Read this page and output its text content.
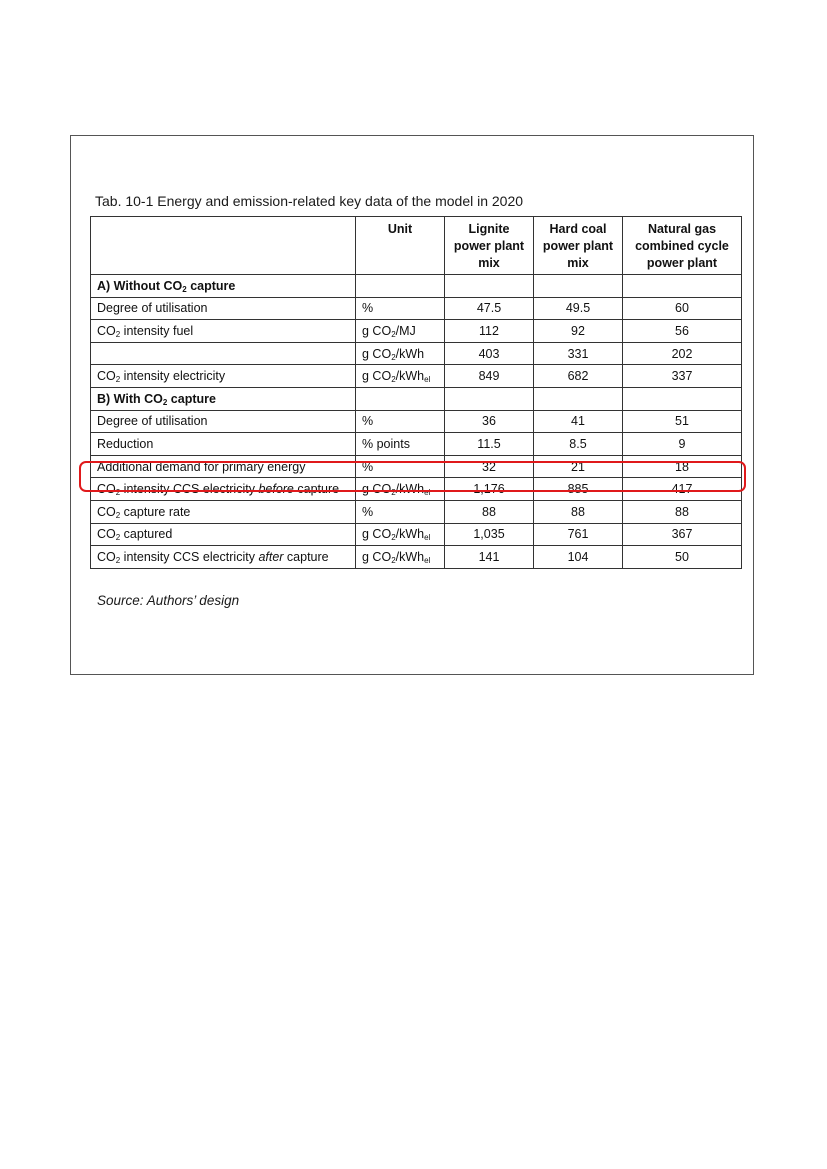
Tab. 10-1 Energy and emission-related key data of the model in 2020
	Unit	Lignite
power plant
mix	Hard coal
power plant
mix	Natural gas
combined cycle
power plant
A) Without $CO_2$ capture				
Degree of utilisation	%	47.5	49.5	60
$CO_2$ intensity fuel	g $CO_2/MJ$	112	92	56
	g $CO_2$/kWh	403	331	202
$CO_2$ intensity electricity	g $CO_2/kWh_{el}$	849	682	337
B) With $CO_2$ capture				
Degree of utilisation	%	36	41	51
Reduction	% points	11.5	8.5	9
Additional demand for primary energy	%	32	21	18
$CO_2$ intensity CCS electricity before capture	g $CO_2/kWh_{el}$	1,176	885	417
$CO_2$ capture rate	%	88	88	88
$CO_2$ captured	g $CO_2/kWh_{el}$	1,035	761	367
$CO_2$ intensity CCS electricity after capture	g $CO_2/kWh_{el}$	141	104	50
Source: Authors’ design
